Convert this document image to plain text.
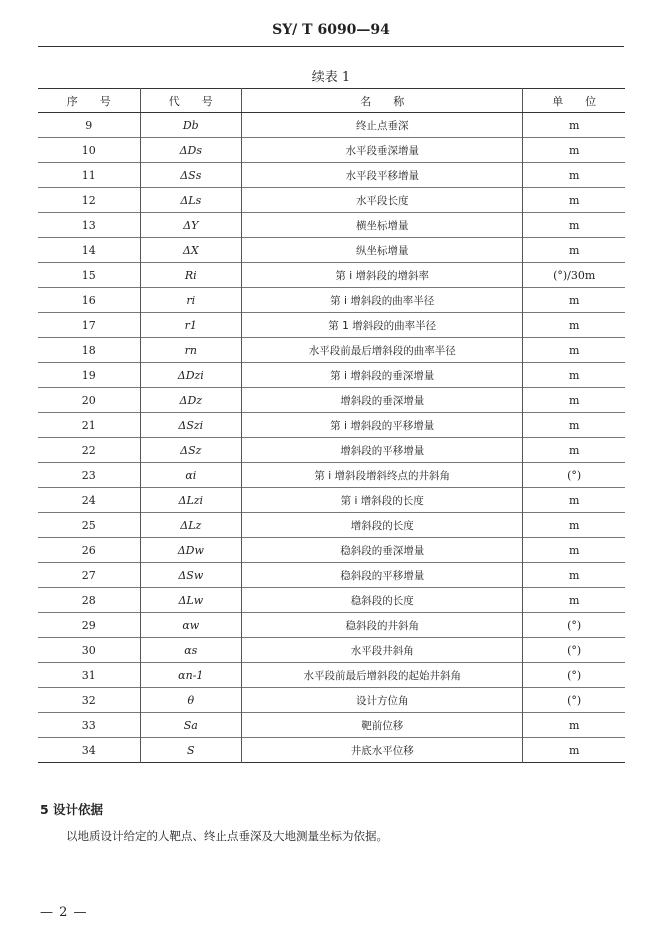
SY/ T 6090—94
续表 1
序　　号	代　　号	名　　称	单　　位
9	Db	终止点垂深	m
10	ΔDs	水平段垂深增量	m
11	ΔSs	水平段平移增量	m
12	ΔLs	水平段长度	m
13	ΔY	横坐标增量	m
14	ΔX	纵坐标增量	m
15	Ri	第 i 增斜段的增斜率	(°)/30m
16	ri	第 i 增斜段的曲率半径	m
17	r1	第 1 增斜段的曲率半径	m
18	rn	水平段前最后增斜段的曲率半径	m
19	ΔDzi	第 i 增斜段的垂深增量	m
20	ΔDz	增斜段的垂深增量	m
21	ΔSzi	第 i 增斜段的平移增量	m
22	ΔSz	增斜段的平移增量	m
23	αi	第 i 增斜段增斜终点的井斜角	(°)
24	ΔLzi	第 i 增斜段的长度	m
25	ΔLz	增斜段的长度	m
26	ΔDw	稳斜段的垂深增量	m
27	ΔSw	稳斜段的平移增量	m
28	ΔLw	稳斜段的长度	m
29	αw	稳斜段的井斜角	(°)
30	αs	水平段井斜角	(°)
31	αn-1	水平段前最后增斜段的起始井斜角	(°)
32	θ	设计方位角	(°)
33	Sa	靶前位移	m
34	S	井底水平位移	m
5 设计依据
以地质设计给定的人靶点、终止点垂深及大地测量坐标为依据。
— 2 —
